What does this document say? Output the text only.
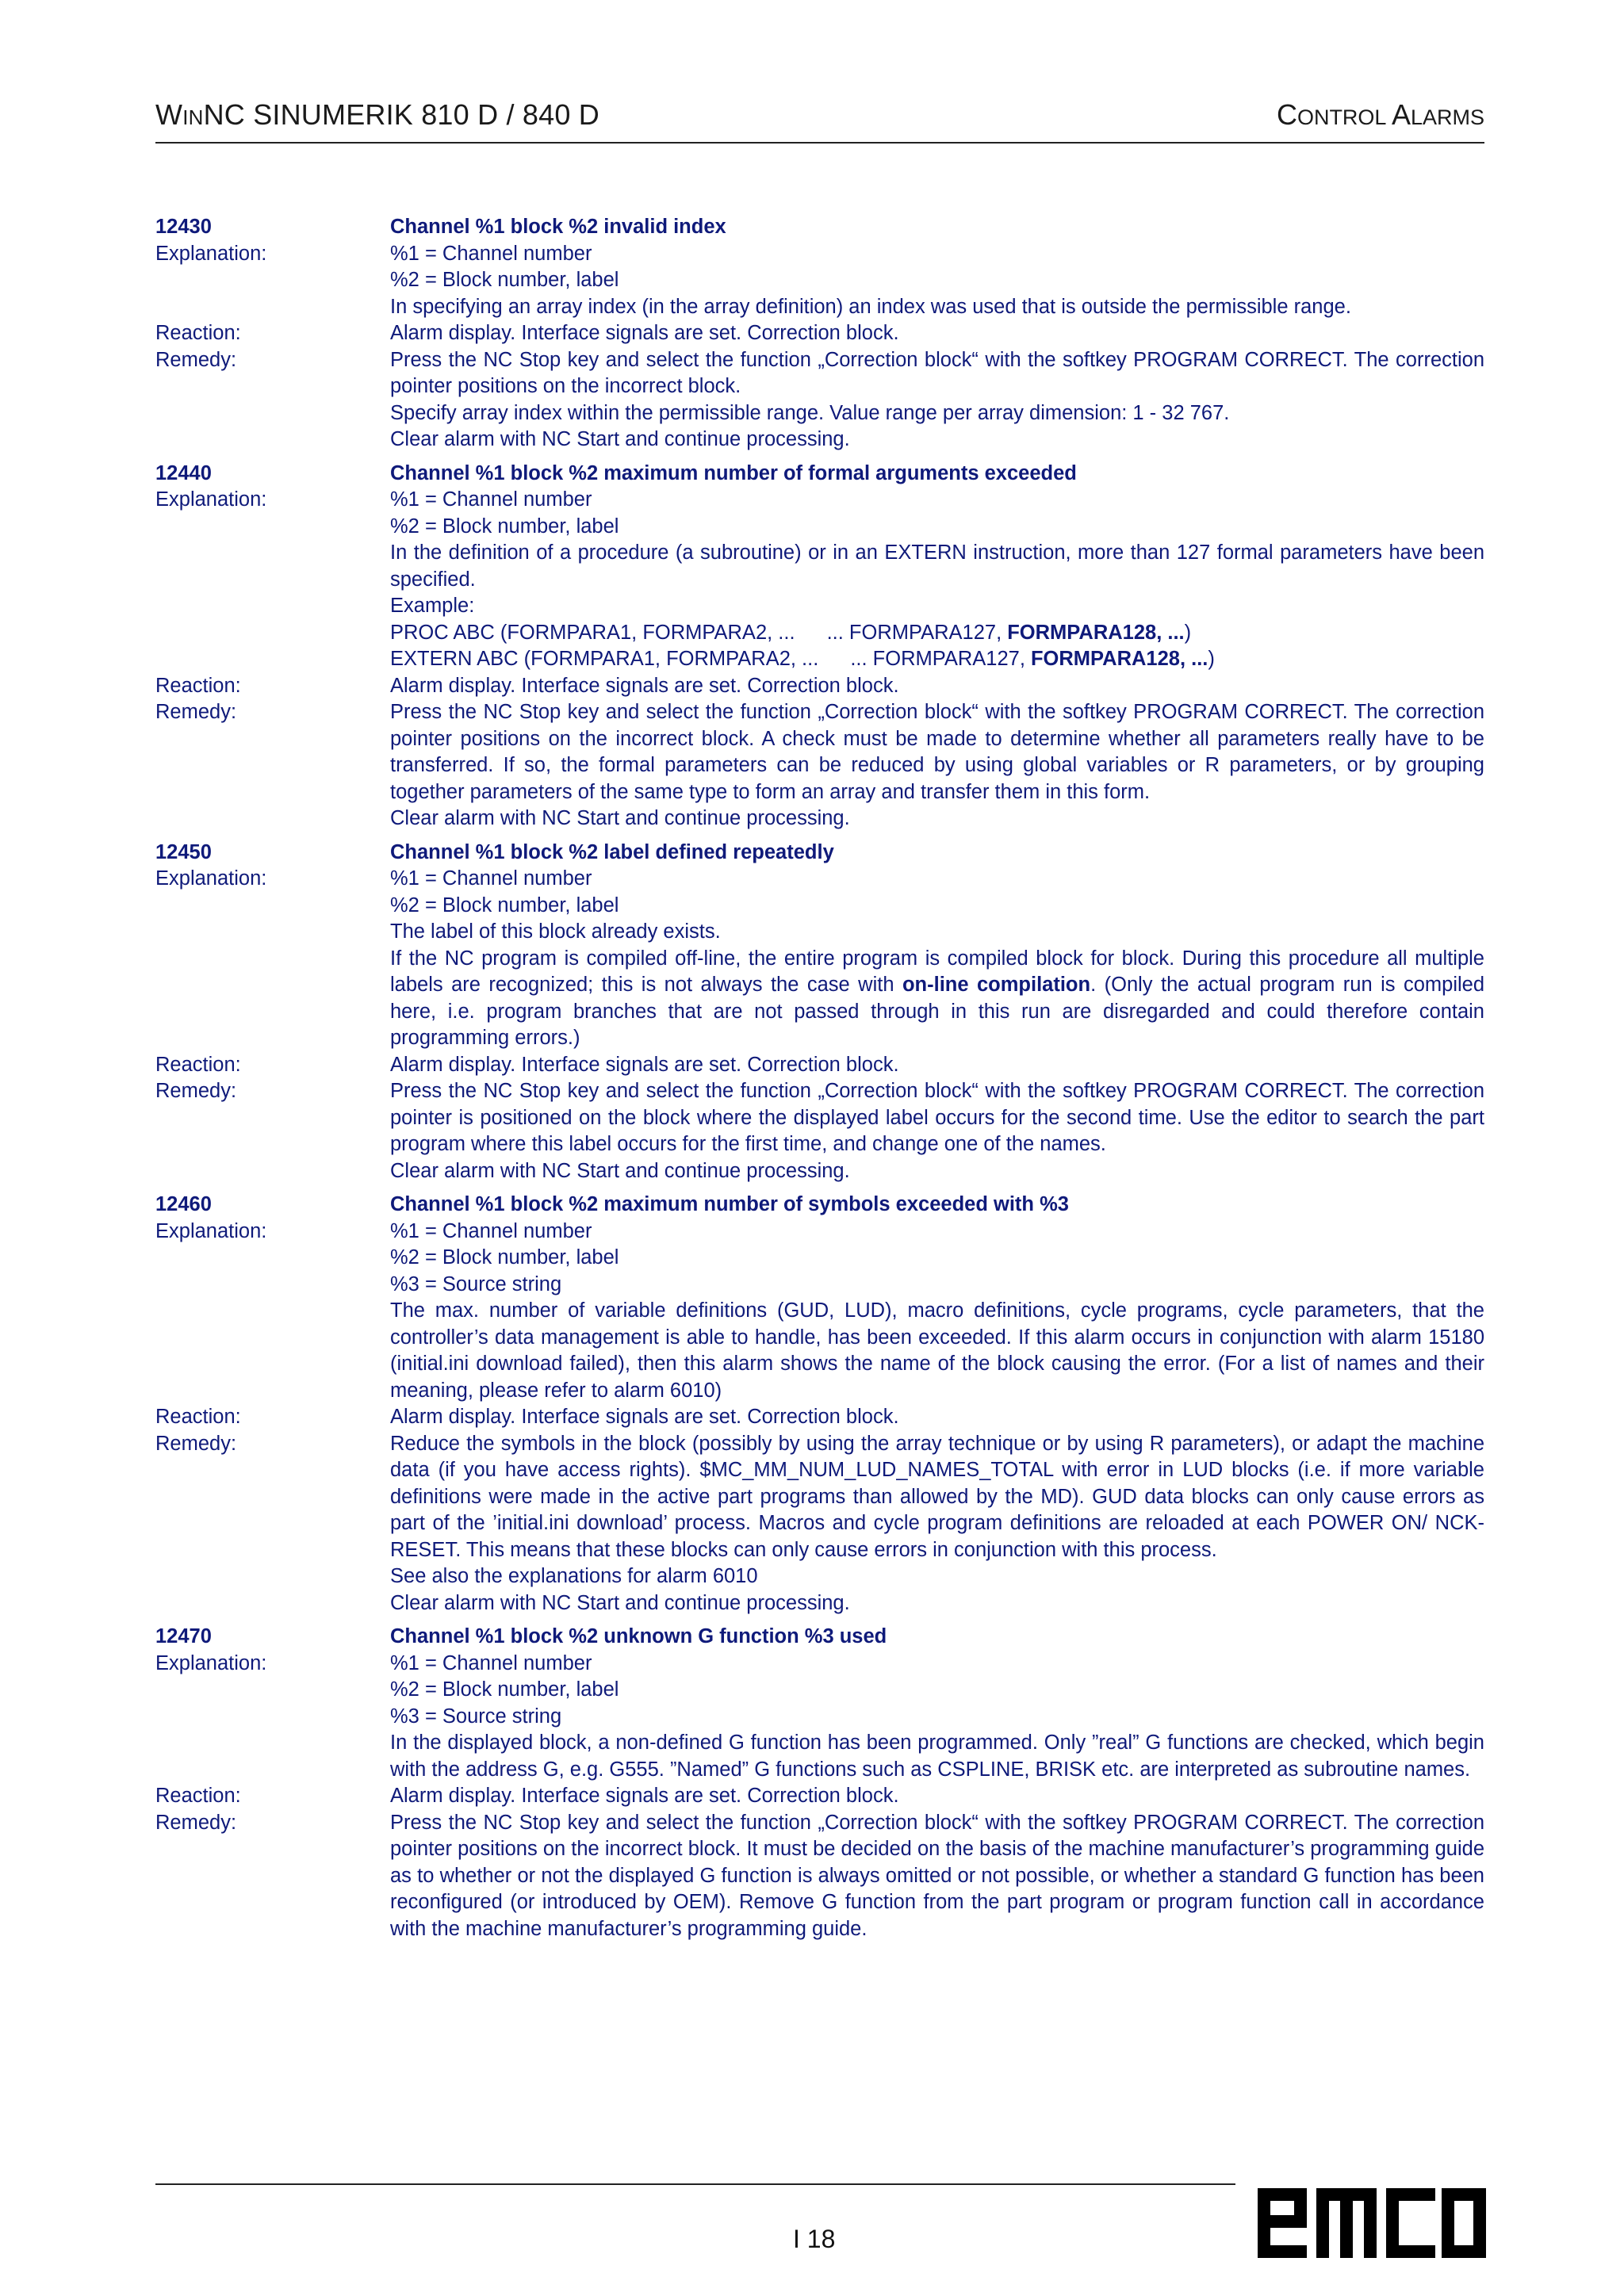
WINNC SINUMERIK 810 D / 840 D	CONTROL ALARMS
12430	Channel %1 block %2 invalid index
Explanation:	%1 = Channel number
%2 = Block number, label
In specifying an array index (in the array definition) an index was used that is outside the permissible range.
Reaction:	Alarm display. Interface signals are set. Correction block.
Remedy:	Press the NC Stop key and select the function „Correction block“ with the softkey PROGRAM CORRECT. The correction pointer positions on the incorrect block.
Specify array index within the permissible range. Value range per array dimension: 1 - 32 767.
Clear alarm with NC Start and continue processing.
12440	Channel %1 block %2 maximum number of formal arguments exceeded
Explanation:	%1 = Channel number
%2 = Block number, label
In the definition of a procedure (a subroutine) or in an EXTERN instruction, more than 127 formal parameters have been specified.
Example:
PROC ABC (FORMPARA1, FORMPARA2, ... ... FORMPARA127, FORMPARA128, ...)
EXTERN ABC (FORMPARA1, FORMPARA2, ... ... FORMPARA127, FORMPARA128, ...)
Reaction:	Alarm display. Interface signals are set. Correction block.
Remedy:	Press the NC Stop key and select the function „Correction block“ with the softkey PROGRAM CORRECT. The correction pointer positions on the incorrect block. A check must be made to determine whether all parameters really have to be transferred. If so, the formal parameters can be reduced by using global variables or R parameters, or by grouping together parameters of the same type to form an array and transfer them in this form.
Clear alarm with NC Start and continue processing.
12450	Channel %1 block %2 label defined repeatedly
Explanation:	%1 = Channel number
%2 = Block number, label
The label of this block already exists.
If the NC program is compiled off-line, the entire program is compiled block for block. During this procedure all multiple labels are recognized; this is not always the case with on-line compilation. (Only the actual program run is compiled here, i.e. program branches that are not passed through in this run are disregarded and could therefore contain programming errors.)
Reaction:	Alarm display. Interface signals are set. Correction block.
Remedy:	Press the NC Stop key and select the function „Correction block“ with the softkey PROGRAM CORRECT. The correction pointer is positioned on the block where the displayed label occurs for the second time. Use the editor to search the part program where this label occurs for the first time, and change one of the names.
Clear alarm with NC Start and continue processing.
12460	Channel %1 block %2 maximum number of symbols exceeded with %3
Explanation:	%1 = Channel number
%2 = Block number, label
%3 = Source string
The max. number of variable definitions (GUD, LUD), macro definitions, cycle programs, cycle parameters, that the controller’s data management is able to handle, has been exceeded. If this alarm occurs in conjunction with alarm 15180 (initial.ini download failed), then this alarm shows the name of the block causing the error. (For a list of names and their meaning, please refer to alarm 6010)
Reaction:	Alarm display. Interface signals are set. Correction block.
Remedy:	Reduce the symbols in the block (possibly by using the array technique or by using R parameters), or adapt the machine data (if you have access rights). $MC_MM_NUM_LUD_NAMES_TOTAL with error in LUD blocks (i.e. if more variable definitions were made in the active part programs than allowed by the MD). GUD data blocks can only cause errors as part of the ’initial.ini download’ process. Macros and cycle program definitions are reloaded at each POWER ON/ NCK-RESET. This means that these blocks can only cause errors in conjunction with this process.
See also the explanations for alarm 6010
Clear alarm with NC Start and continue processing.
12470	Channel %1 block %2 unknown G function %3 used
Explanation:	%1 = Channel number
%2 = Block number, label
%3 = Source string
In the displayed block, a non-defined G function has been programmed. Only ”real” G functions are checked, which begin with the address G, e.g. G555. ”Named” G functions such as CSPLINE, BRISK etc. are interpreted as subroutine names.
Reaction:	Alarm display. Interface signals are set. Correction block.
Remedy:	Press the NC Stop key and select the function „Correction block“ with the softkey PROGRAM CORRECT. The correction pointer positions on the incorrect block. It must be decided on the basis of the machine manufacturer’s programming guide as to whether or not the displayed G function is always omitted or not possible, or whether a standard G function has been reconfigured (or introduced by OEM). Remove G function from the part program or program function call in accordance with the machine manufacturer’s programming guide.
I 18
